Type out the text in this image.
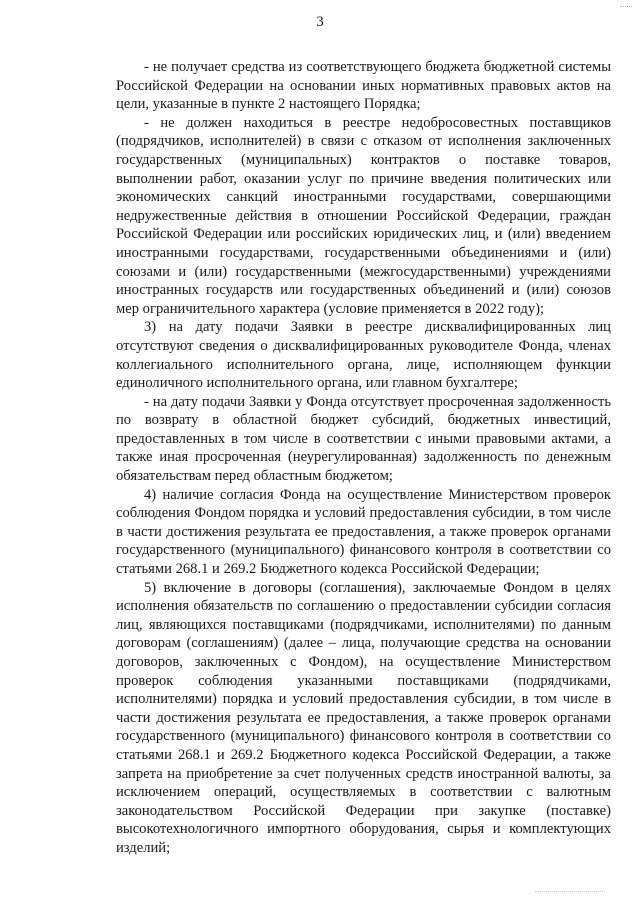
3

- не получает средства из соответствующего бюджета бюджетной системы Российской Федерации на основании иных нормативных правовых актов на цели, указанные в пункте 2 настоящего Порядка;

- не должен находиться в реестре недобросовестных поставщиков (подрядчиков, исполнителей) в связи с отказом от исполнения заключенных государственных (муниципальных) контрактов о поставке товаров, выполнении работ, оказании услуг по причине введения политических или экономических санкций иностранными государствами, совершающими недружественные действия в отношении Российской Федерации, граждан Российской Федерации или российских юридических лиц, и (или) введением иностранными государствами, государственными объединениями и (или) союзами и (или) государственными (межгосударственными) учреждениями иностранных государств или государственных объединений и (или) союзов мер ограничительного характера (условие применяется в 2022 году);

3) на дату подачи Заявки в реестре дисквалифицированных лиц отсутствуют сведения о дисквалифицированных руководителе Фонда, членах коллегиального исполнительного органа, лице, исполняющем функции единоличного исполнительного органа, или главном бухгалтере;

- на дату подачи Заявки у Фонда отсутствует просроченная задолженность по возврату в областной бюджет субсидий, бюджетных инвестиций, предоставленных в том числе в соответствии с иными правовыми актами, а также иная просроченная (неурегулированная) задолженность по денежным обязательствам перед областным бюджетом;

4) наличие согласия Фонда на осуществление Министерством проверок соблюдения Фондом порядка и условий предоставления субсидии, в том числе в части достижения результата ее предоставления, а также проверок органами государственного (муниципального) финансового контроля в соответствии со статьями 268.1 и 269.2 Бюджетного кодекса Российской Федерации;

5) включение в договоры (соглашения), заключаемые Фондом в целях исполнения обязательств по соглашению о предоставлении субсидии согласия лиц, являющихся поставщиками (подрядчиками, исполнителями) по данным договорам (соглашениям) (далее – лица, получающие средства на основании договоров, заключенных с Фондом), на осуществление Министерством проверок соблюдения указанными поставщиками (подрядчиками, исполнителями) порядка и условий предоставления субсидии, в том числе в части достижения результата ее предоставления, а также проверок органами государственного (муниципального) финансового контроля в соответствии со статьями 268.1 и 269.2 Бюджетного кодекса Российской Федерации, а также запрета на приобретение за счет полученных средств иностранной валюты, за исключением операций, осуществляемых в соответствии с валютным законодательством Российской Федерации при закупке (поставке) высокотехнологичного импортного оборудования, сырья и комплектующих изделий;
